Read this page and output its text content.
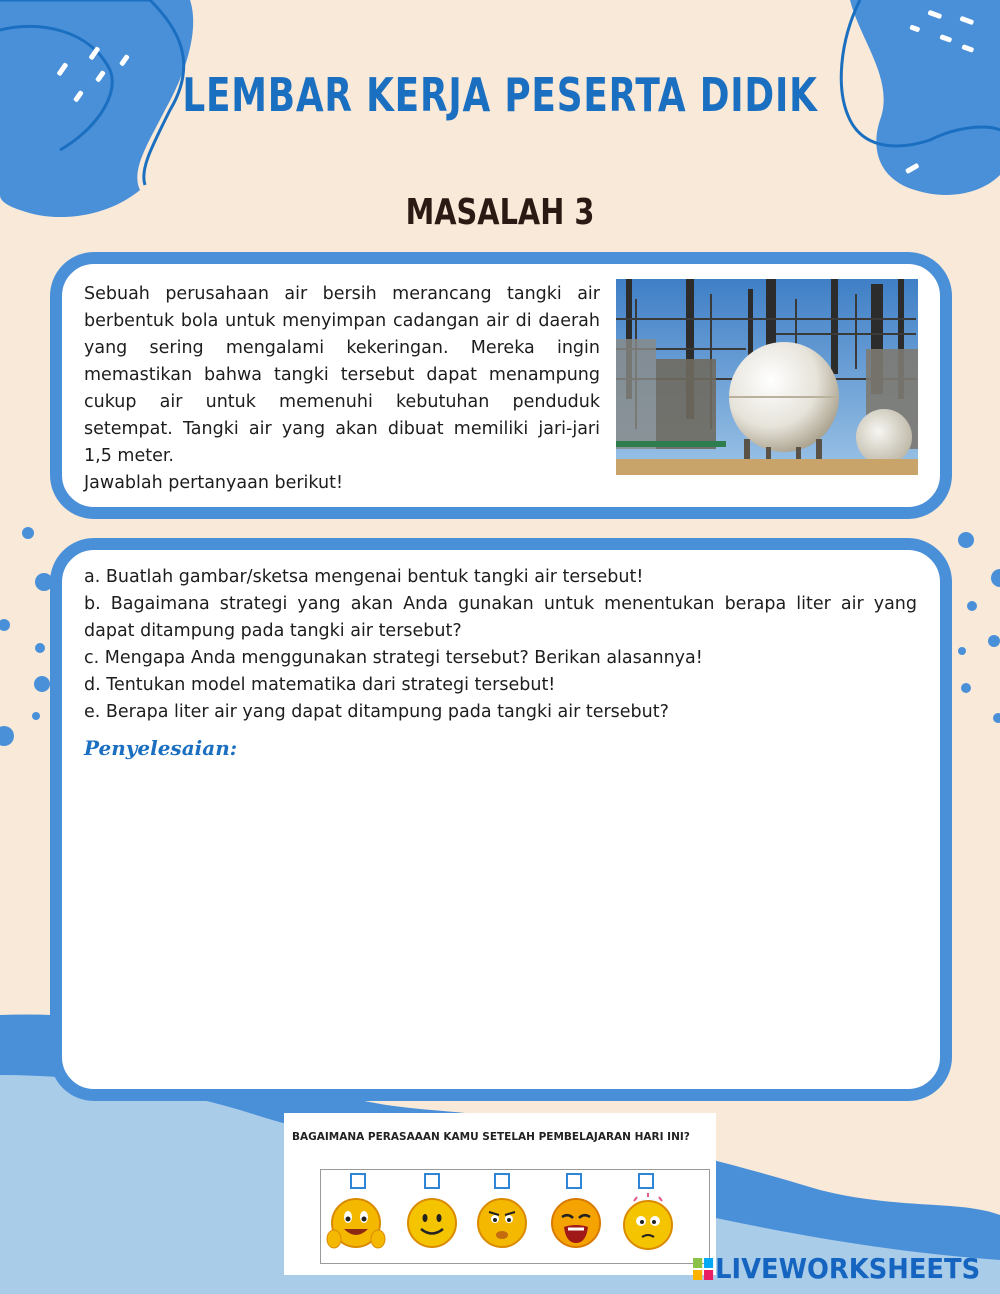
LEMBAR KERJA PESERTA DIDIK
MASALAH 3

Sebuah perusahaan air bersih merancang tangki air berbentuk bola untuk menyimpan cadangan air di daerah yang sering mengalami kekeringan. Mereka ingin memastikan bahwa tangki tersebut dapat menampung cukup air untuk memenuhi kebutuhan penduduk setempat. Tangki air yang akan dibuat memiliki jari-jari 1,5 meter.

Jawablah pertanyaan berikut!

a. Buatlah gambar/sketsa mengenai bentuk tangki air tersebut!
b. Bagaimana strategi yang akan Anda gunakan untuk menentukan berapa liter air yang dapat ditampung pada tangki air tersebut?
c. Mengapa Anda menggunakan strategi tersebut? Berikan alasannya!
d. Tentukan model matematika dari strategi tersebut!
e. Berapa liter air yang dapat ditampung pada tangki air tersebut?
Penyelesaian:
BAGAIMANA PERASAAAN KAMU SETELAH PEMBELAJARAN HARI INI?
LIVEWORKSHEETS
